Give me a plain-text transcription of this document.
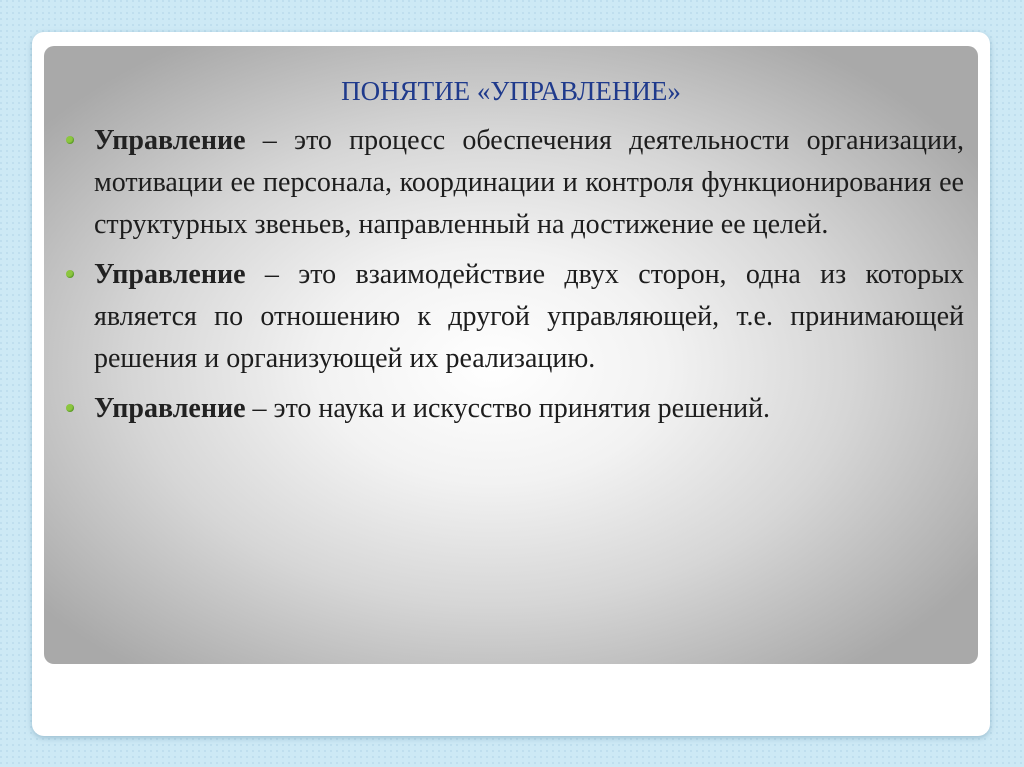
ПОНЯТИЕ «УПРАВЛЕНИЕ»
Управление – это процесс обеспечения деятельности организации, мотивации ее персонала, координации и контроля функционирования ее структурных звеньев, направленный на достижение ее целей.
Управление – это взаимодействие двух сторон, одна из которых является по отношению к другой управляющей, т.е. принимающей решения и организующей их реализацию.
Управление – это наука и искусство принятия решений.
